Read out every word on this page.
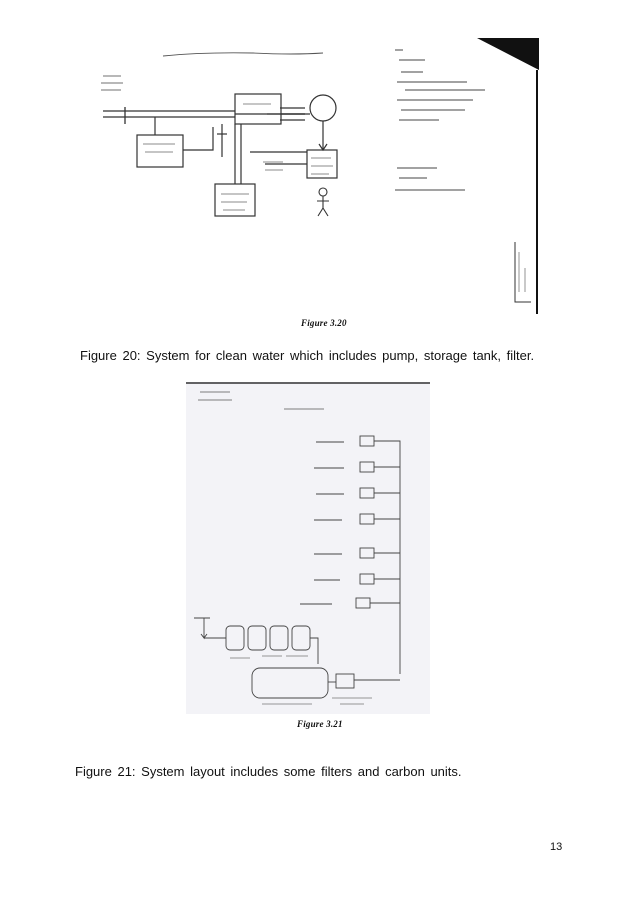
Figure 3.20
Figure 20: System for clean water which includes pump, storage tank, filter.
Figure 3.21
Figure 21: System layout includes some filters and carbon units.
13
